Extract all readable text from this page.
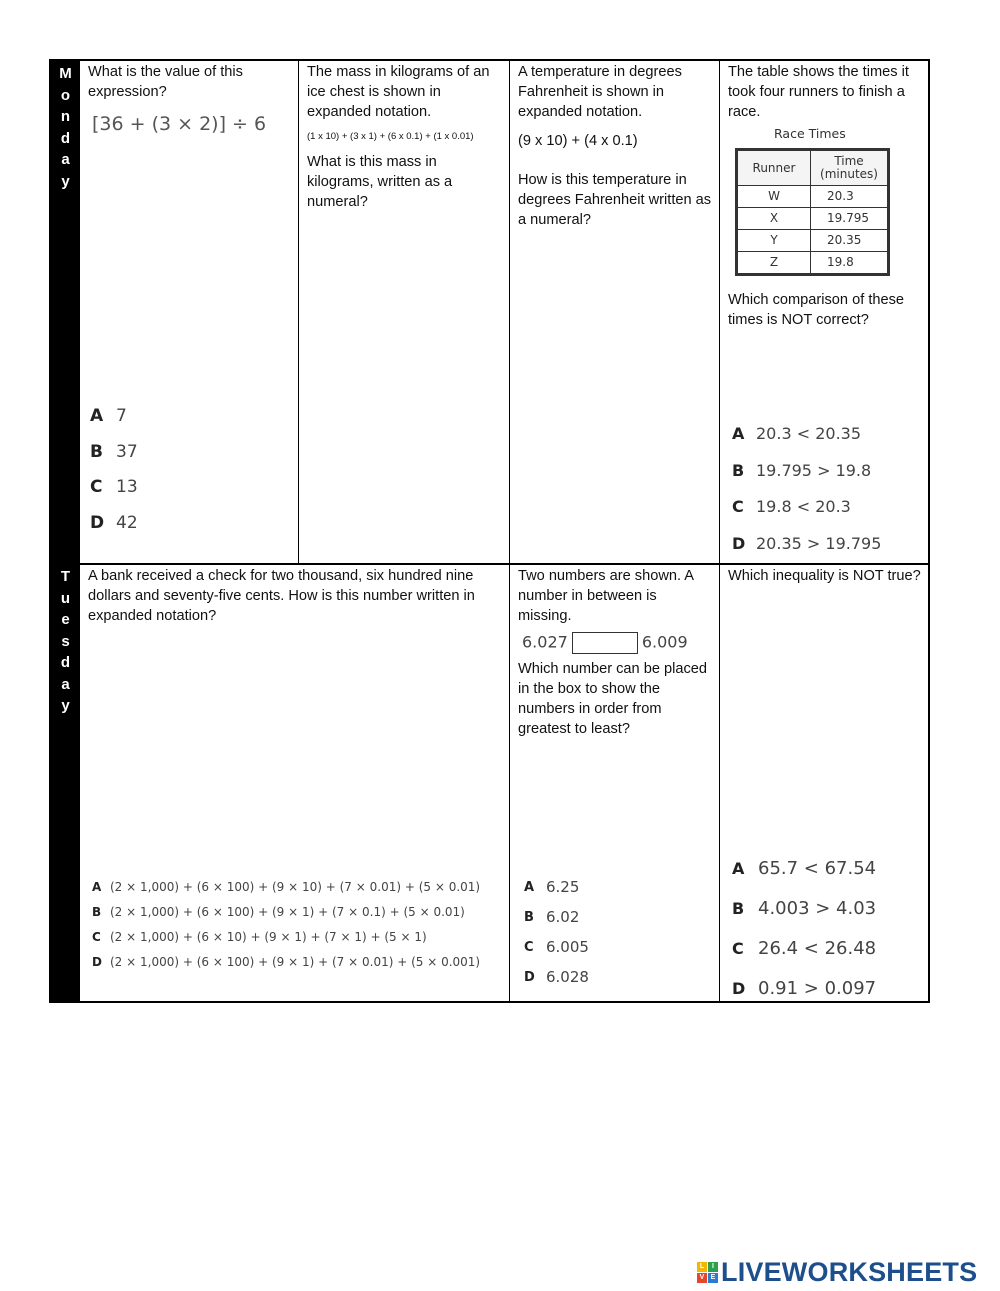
M
o
n
d
a
y

What is the value of this expression?

[36 + (3 × 2)] ÷ 6
A 7
B 37
C 13
D 42

The mass in kilograms of an ice chest is shown in expanded notation.

(1 x 10) + (3 x 1) + (6 x 0.1) + (1 x 0.01)

What is this mass in kilograms, written as a numeral?

A temperature in degrees Fahrenheit is shown in expanded notation.

(9 x 10) + (4 x 0.1)

How is this temperature in degrees Fahrenheit written as a numeral?

The table shows the times it took four runners to finish a race.

Race Times
Runner	Time
(minutes)
W	20.3
X	19.795
Y	20.35
Z	19.8

Which comparison of these times is NOT correct?

A 20.3 < 20.35
B 19.795 > 19.8
C 19.8 < 20.3
D 20.35 > 19.795
T
u
e
s
d
a
y

A bank received a check for two thousand, six hundred nine dollars and seventy-five cents. How is this number written in expanded notation?

A (2 × 1,000) + (6 × 100) + (9 × 10) + (7 × 0.01) + (5 × 0.01)
B (2 × 1,000) + (6 × 100) + (9 × 1) + (7 × 0.1) + (5 × 0.01)
C (2 × 1,000) + (6 × 10) + (9 × 1) + (7 × 1) + (5 × 1)
D (2 × 1,000) + (6 × 100) + (9 × 1) + (7 × 0.01) + (5 × 0.001)

Two numbers are shown. A number in between is missing.

6.027	6.009

Which number can be placed in the box to show the numbers in order from greatest to least?

A 6.25
B 6.02
C 6.005
D 6.028

Which inequality is NOT true?

A 65.7 < 67.54
B 4.003 > 4.03
C 26.4 < 26.48
D 0.91 > 0.097
L	I
V E LIVEWORKSHEETS
